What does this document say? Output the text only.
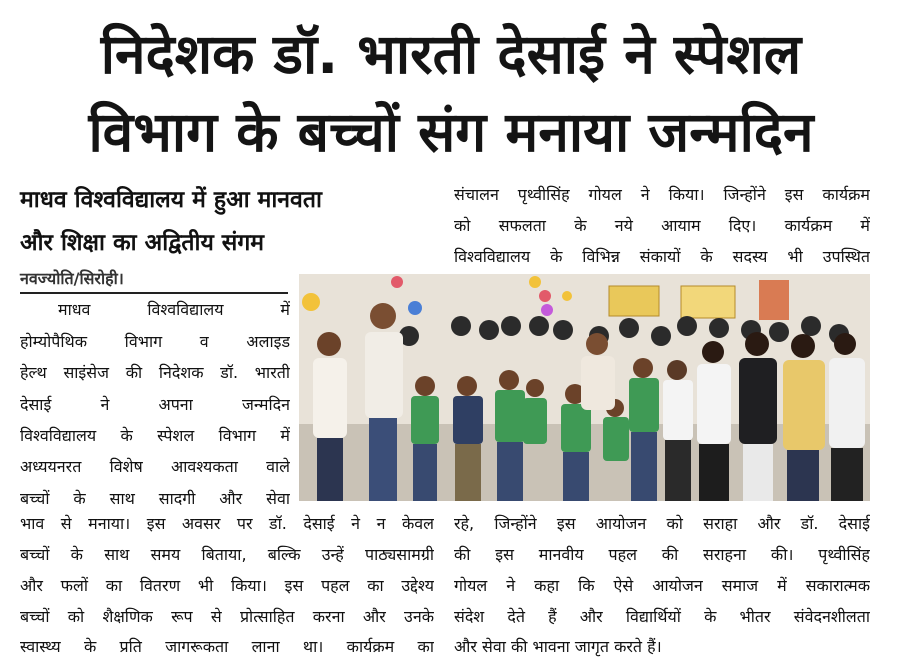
निदेशक डॉ. भारती देसाई ने स्पेशल
विभाग के बच्चों संग मनाया जन्मदिन
माधव विश्वविद्यालय में हुआ मानवता
और शिक्षा का अद्वितीय संगम
नवज्योति/सिरोही।
माधव विश्वविद्यालय में
होम्योपैथिक विभाग व अलाइड
हेल्थ साइंसेज की निदेशक डॉ. भारती
देसाई ने अपना जन्मदिन
विश्वविद्यालय के स्पेशल विभाग में
अध्ययनरत विशेष आवश्यकता वाले
बच्चों के साथ सादगी और सेवा
भाव से मनाया। इस अवसर पर डॉ. देसाई ने न केवल
बच्चों के साथ समय बिताया, बल्कि उन्हें पाठ्यसामग्री
और फलों का वितरण भी किया। इस पहल का उद्देश्य
बच्चों को शैक्षणिक रूप से प्रोत्साहित करना और उनके
स्वास्थ्य के प्रति जागरूकता लाना था। कार्यक्रम का
संचालन पृथ्वीसिंह गोयल ने किया। जिन्होंने इस कार्यक्रम
को सफलता के नये आयाम दिए। कार्यक्रम में
विश्वविद्यालय के विभिन्न संकायों के सदस्य भी उपस्थित
रहे, जिन्होंने इस आयोजन को सराहा और डॉ. देसाई
की इस मानवीय पहल की सराहना की। पृथ्वीसिंह
गोयल ने कहा कि ऐसे आयोजन समाज में सकारात्मक
संदेश देते हैं और विद्यार्थियों के भीतर संवेदनशीलता
और सेवा की भावना जागृत करते हैं।
